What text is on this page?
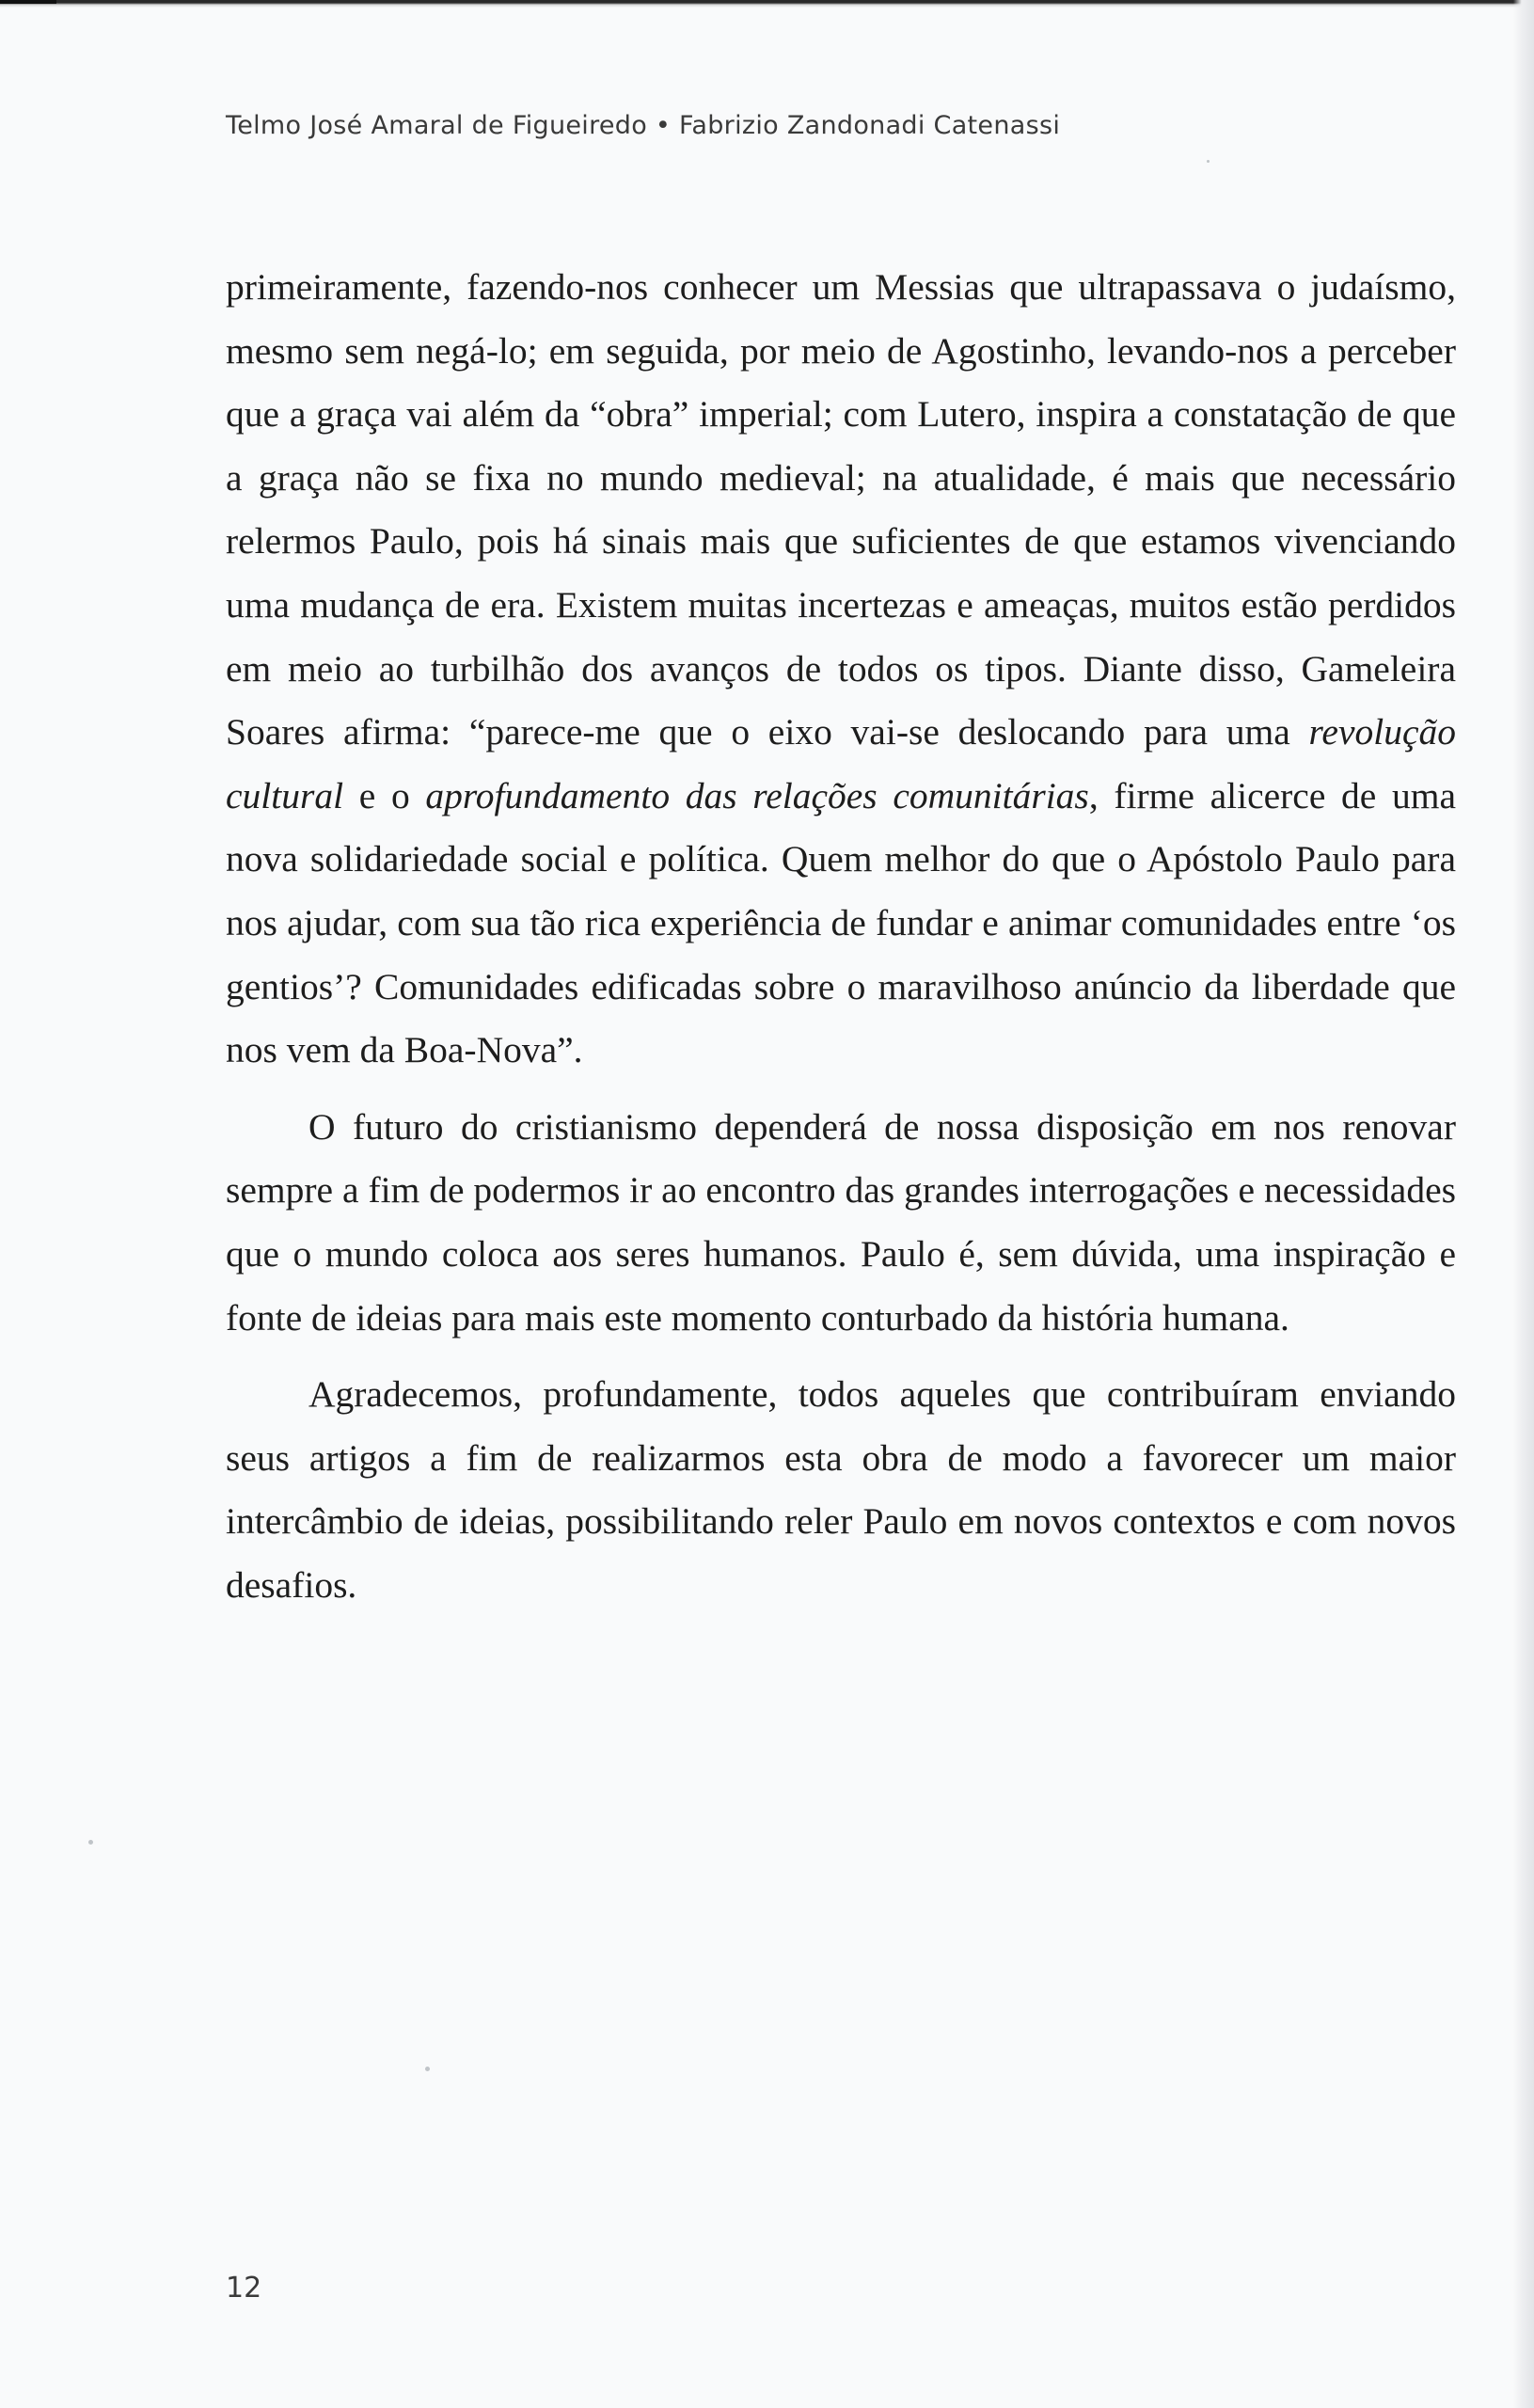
Telmo José Amaral de Figueiredo • Fabrizio Zandonadi Catenassi

primeiramente, fazendo-nos conhecer um Messias que ultrapassava o judaísmo, mesmo sem negá-lo; em seguida, por meio de Agostinho, levando-nos a perceber que a graça vai além da “obra” imperial; com Lutero, inspira a constatação de que a graça não se fixa no mundo medieval; na atualidade, é mais que necessário relermos Paulo, pois há sinais mais que suficientes de que estamos vivenciando uma mudança de era. Existem muitas incertezas e ameaças, muitos estão perdidos em meio ao turbilhão dos avanços de todos os tipos. Diante disso, Gameleira Soares afirma: “parece-me que o eixo vai-se deslocando para uma revolução cultural e o aprofundamento das relações comunitárias, firme alicerce de uma nova solidariedade social e política. Quem melhor do que o Apóstolo Paulo para nos ajudar, com sua tão rica experiência de fundar e animar comunidades entre ‘os gentios’? Comunidades edificadas sobre o maravilhoso anúncio da liberdade que nos vem da Boa-Nova”.

O futuro do cristianismo dependerá de nossa disposição em nos renovar sempre a fim de podermos ir ao encontro das grandes interrogações e necessidades que o mundo coloca aos seres humanos. Paulo é, sem dúvida, uma inspiração e fonte de ideias para mais este momento conturbado da história humana.

Agradecemos, profundamente, todos aqueles que contribuíram enviando seus artigos a fim de realizarmos esta obra de modo a favorecer um maior intercâmbio de ideias, possibilitando reler Paulo em novos contextos e com novos desafios.

12
